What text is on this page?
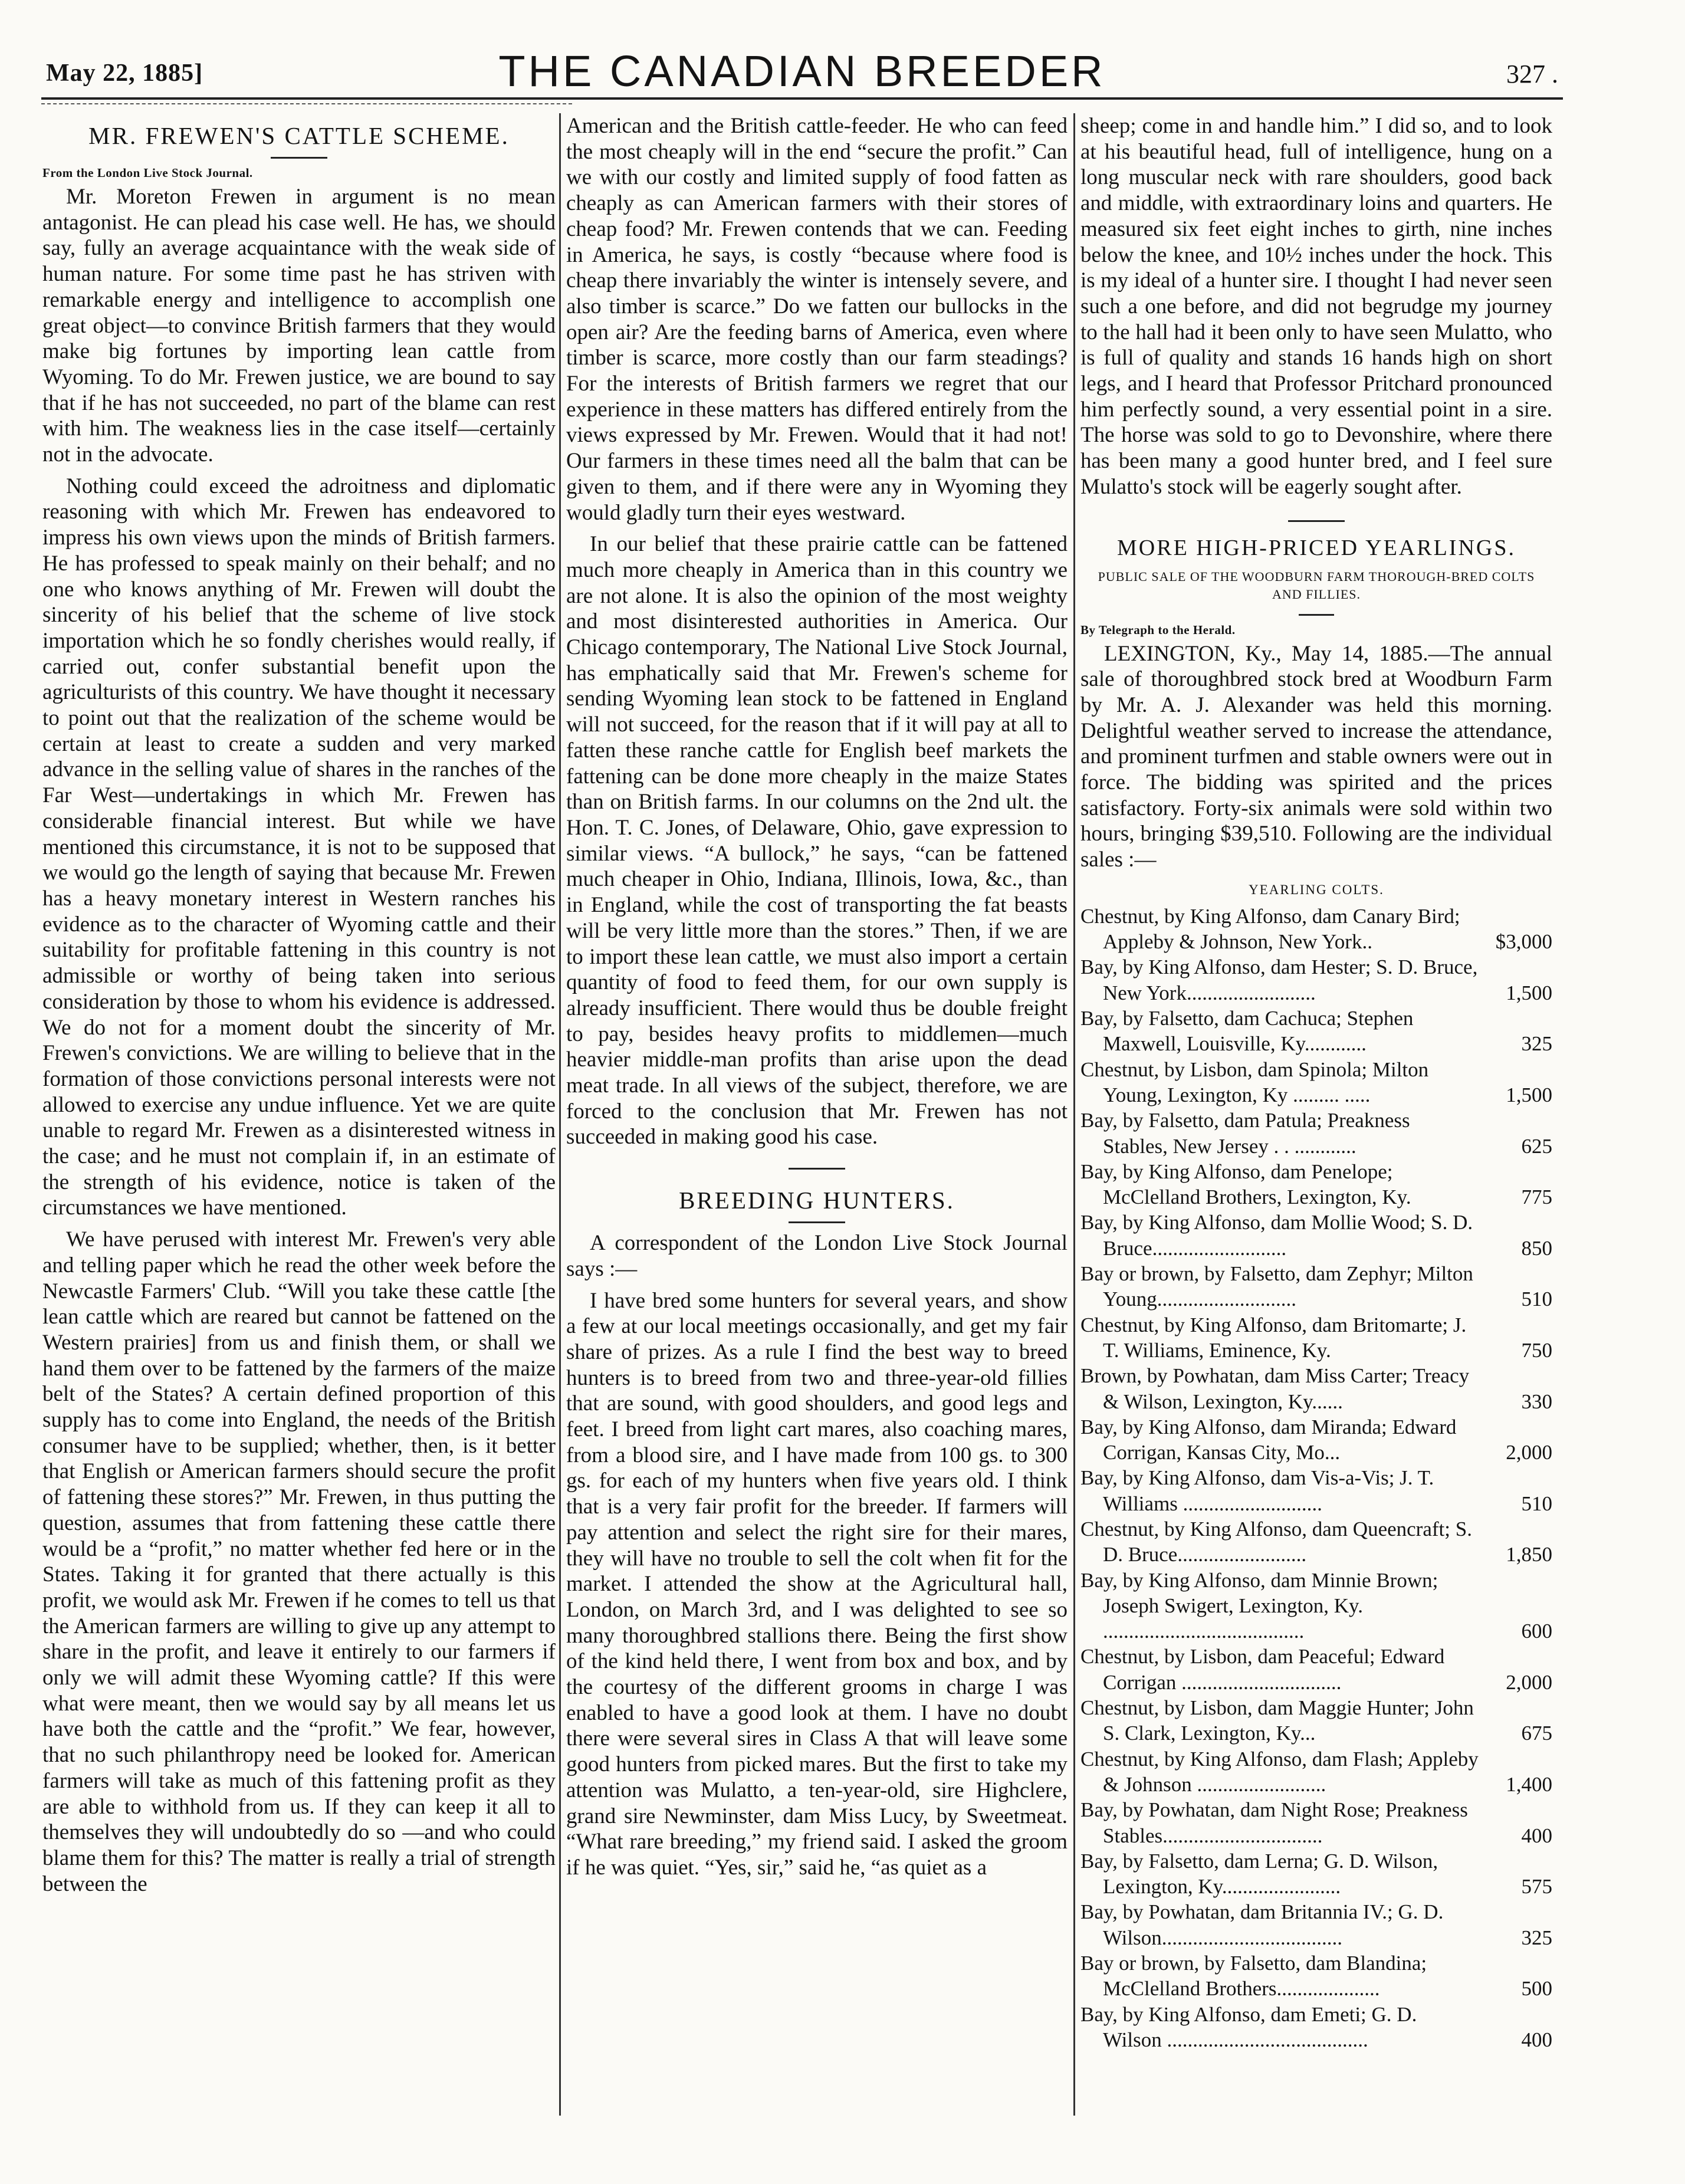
May 22, 1885]	THE CANADIAN BREEDER	327 .
MR. FREWEN'S CATTLE SCHEME.
From the London Live Stock Journal.

Mr. Moreton Frewen in argument is no mean antagonist. He can plead his case well. He has, we should say, fully an average acquaintance with the weak side of human nature. For some time past he has striven with remarkable energy and intelligence to accomplish one great object—to convince British farmers that they would make big fortunes by importing lean cattle from Wyoming. To do Mr. Frewen justice, we are bound to say that if he has not succeeded, no part of the blame can rest with him. The weakness lies in the case itself—certainly not in the advocate.

Nothing could exceed the adroitness and diplomatic reasoning with which Mr. Frewen has endeavored to impress his own views upon the minds of British farmers. He has professed to speak mainly on their behalf; and no one who knows anything of Mr. Frewen will doubt the sincerity of his belief that the scheme of live stock importation which he so fondly cherishes would really, if carried out, confer substantial benefit upon the agriculturists of this country. We have thought it necessary to point out that the realization of the scheme would be certain at least to create a sudden and very marked advance in the selling value of shares in the ranches of the Far West—undertakings in which Mr. Frewen has considerable financial interest. But while we have mentioned this circumstance, it is not to be supposed that we would go the length of saying that because Mr. Frewen has a heavy monetary interest in Western ranches his evidence as to the character of Wyoming cattle and their suitability for profitable fattening in this country is not admissible or worthy of being taken into serious consideration by those to whom his evidence is addressed. We do not for a moment doubt the sincerity of Mr. Frewen's convictions. We are willing to believe that in the formation of those convictions personal interests were not allowed to exercise any undue influence. Yet we are quite unable to regard Mr. Frewen as a disinterested witness in the case; and he must not complain if, in an estimate of the strength of his evidence, notice is taken of the circumstances we have mentioned.

We have perused with interest Mr. Frewen's very able and telling paper which he read the other week before the Newcastle Farmers' Club. “Will you take these cattle [the lean cattle which are reared but cannot be fattened on the Western prairies] from us and finish them, or shall we hand them over to be fattened by the farmers of the maize belt of the States? A certain defined proportion of this supply has to come into England, the needs of the British consumer have to be supplied; whether, then, is it better that English or American farmers should secure the profit of fattening these stores?” Mr. Frewen, in thus putting the question, assumes that from fattening these cattle there would be a “profit,” no matter whether fed here or in the States. Taking it for granted that there actually is this profit, we would ask Mr. Frewen if he comes to tell us that the American farmers are willing to give up any attempt to share in the profit, and leave it entirely to our farmers if only we will admit these Wyoming cattle? If this were what were meant, then we would say by all means let us have both the cattle and the “profit.” We fear, however, that no such philanthropy need be looked for. American farmers will take as much of this fattening profit as they are able to withhold from us. If they can keep it all to themselves they will undoubtedly do so —and who could blame them for this? The matter is really a trial of strength between the

American and the British cattle-feeder. He who can feed the most cheaply will in the end “secure the profit.” Can we with our costly and limited supply of food fatten as cheaply as can American farmers with their stores of cheap food? Mr. Frewen contends that we can. Feeding in America, he says, is costly “because where food is cheap there invariably the winter is intensely severe, and also timber is scarce.” Do we fatten our bullocks in the open air? Are the feeding barns of America, even where timber is scarce, more costly than our farm steadings? For the interests of British farmers we regret that our experience in these matters has differed entirely from the views expressed by Mr. Frewen. Would that it had not! Our farmers in these times need all the balm that can be given to them, and if there were any in Wyoming they would gladly turn their eyes westward.

In our belief that these prairie cattle can be fattened much more cheaply in America than in this country we are not alone. It is also the opinion of the most weighty and most disinterested authorities in America. Our Chicago contemporary, The National Live Stock Journal, has emphatically said that Mr. Frewen's scheme for sending Wyoming lean stock to be fattened in England will not succeed, for the reason that if it will pay at all to fatten these ranche cattle for English beef markets the fattening can be done more cheaply in the maize States than on British farms. In our columns on the 2nd ult. the Hon. T. C. Jones, of Delaware, Ohio, gave expression to similar views. “A bullock,” he says, “can be fattened much cheaper in Ohio, Indiana, Illinois, Iowa, &c., than in England, while the cost of transporting the fat beasts will be very little more than the stores.” Then, if we are to import these lean cattle, we must also import a certain quantity of food to feed them, for our own supply is already insufficient. There would thus be double freight to pay, besides heavy profits to middlemen—much heavier middle-man profits than arise upon the dead meat trade. In all views of the subject, therefore, we are forced to the conclusion that Mr. Frewen has not succeeded in making good his case.

BREEDING HUNTERS.

A correspondent of the London Live Stock Journal says :—

I have bred some hunters for several years, and show a few at our local meetings occasionally, and get my fair share of prizes. As a rule I find the best way to breed hunters is to breed from two and three-year-old fillies that are sound, with good shoulders, and good legs and feet. I breed from light cart mares, also coaching mares, from a blood sire, and I have made from 100 gs. to 300 gs. for each of my hunters when five years old. I think that is a very fair profit for the breeder. If farmers will pay attention and select the right sire for their mares, they will have no trouble to sell the colt when fit for the market. I attended the show at the Agricultural hall, London, on March 3rd, and I was delighted to see so many thoroughbred stallions there. Being the first show of the kind held there, I went from box and box, and by the courtesy of the different grooms in charge I was enabled to have a good look at them. I have no doubt there were several sires in Class A that will leave some good hunters from picked mares. But the first to take my attention was Mulatto, a ten-year-old, sire Highclere, grand sire Newminster, dam Miss Lucy, by Sweetmeat. “What rare breeding,” my friend said. I asked the groom if he was quiet. “Yes, sir,” said he, “as quiet as a

sheep; come in and handle him.” I did so, and to look at his beautiful head, full of intelligence, hung on a long muscular neck with rare shoulders, good back and middle, with extraordinary loins and quarters. He measured six feet eight inches to girth, nine inches below the knee, and 10½ inches under the hock. This is my ideal of a hunter sire. I thought I had never seen such a one before, and did not begrudge my journey to the hall had it been only to have seen Mulatto, who is full of quality and stands 16 hands high on short legs, and I heard that Professor Pritchard pronounced him perfectly sound, a very essential point in a sire. The horse was sold to go to Devonshire, where there has been many a good hunter bred, and I feel sure Mulatto's stock will be eagerly sought after.

MORE HIGH-PRICED YEARLINGS.
PUBLIC SALE OF THE WOODBURN FARM THOROUGH-BRED COLTS AND FILLIES.
By Telegraph to the Herald.

LEXINGTON, Ky., May 14, 1885.—The annual sale of thoroughbred stock bred at Woodburn Farm by Mr. A. J. Alexander was held this morning. Delightful weather served to increase the attendance, and prominent turfmen and stable owners were out in force. The bidding was spirited and the prices satisfactory. Forty-six animals were sold within two hours, bringing $39,510. Following are the individual sales :—

YEARLING COLTS.
Chestnut, by King Alfonso, dam Canary Bird; Appleby & Johnson, New York..	$3,000
Bay, by King Alfonso, dam Hester; S. D. Bruce, New York.........................	1,500
Bay, by Falsetto, dam Cachuca; Stephen Maxwell, Louisville, Ky............	325
Chestnut, by Lisbon, dam Spinola; Milton Young, Lexington, Ky ......... .....	1,500
Bay, by Falsetto, dam Patula; Preakness Stables, New Jersey . . ............	625
Bay, by King Alfonso, dam Penelope; McClelland Brothers, Lexington, Ky.	775
Bay, by King Alfonso, dam Mollie Wood; S. D. Bruce..........................	850
Bay or brown, by Falsetto, dam Zephyr; Milton Young...........................	510
Chestnut, by King Alfonso, dam Britomarte; J. T. Williams, Eminence, Ky.	750
Brown, by Powhatan, dam Miss Carter; Treacy & Wilson, Lexington, Ky......	330
Bay, by King Alfonso, dam Miranda; Edward Corrigan, Kansas City, Mo...	2,000
Bay, by King Alfonso, dam Vis-a-Vis; J. T. Williams ...........................	510
Chestnut, by King Alfonso, dam Queencraft; S. D. Bruce.........................	1,850
Bay, by King Alfonso, dam Minnie Brown; Joseph Swigert, Lexington, Ky. .......................................	600
Chestnut, by Lisbon, dam Peaceful; Edward Corrigan ...............................	2,000
Chestnut, by Lisbon, dam Maggie Hunter; John S. Clark, Lexington, Ky...	675
Chestnut, by King Alfonso, dam Flash; Appleby & Johnson .........................	1,400
Bay, by Powhatan, dam Night Rose; Preakness Stables...............................	400
Bay, by Falsetto, dam Lerna; G. D. Wilson, Lexington, Ky.......................	575
Bay, by Powhatan, dam Britannia IV.; G. D. Wilson...................................	325
Bay or brown, by Falsetto, dam Blandina; McClelland Brothers....................	500
Bay, by King Alfonso, dam Emeti; G. D. Wilson .......................................	400
